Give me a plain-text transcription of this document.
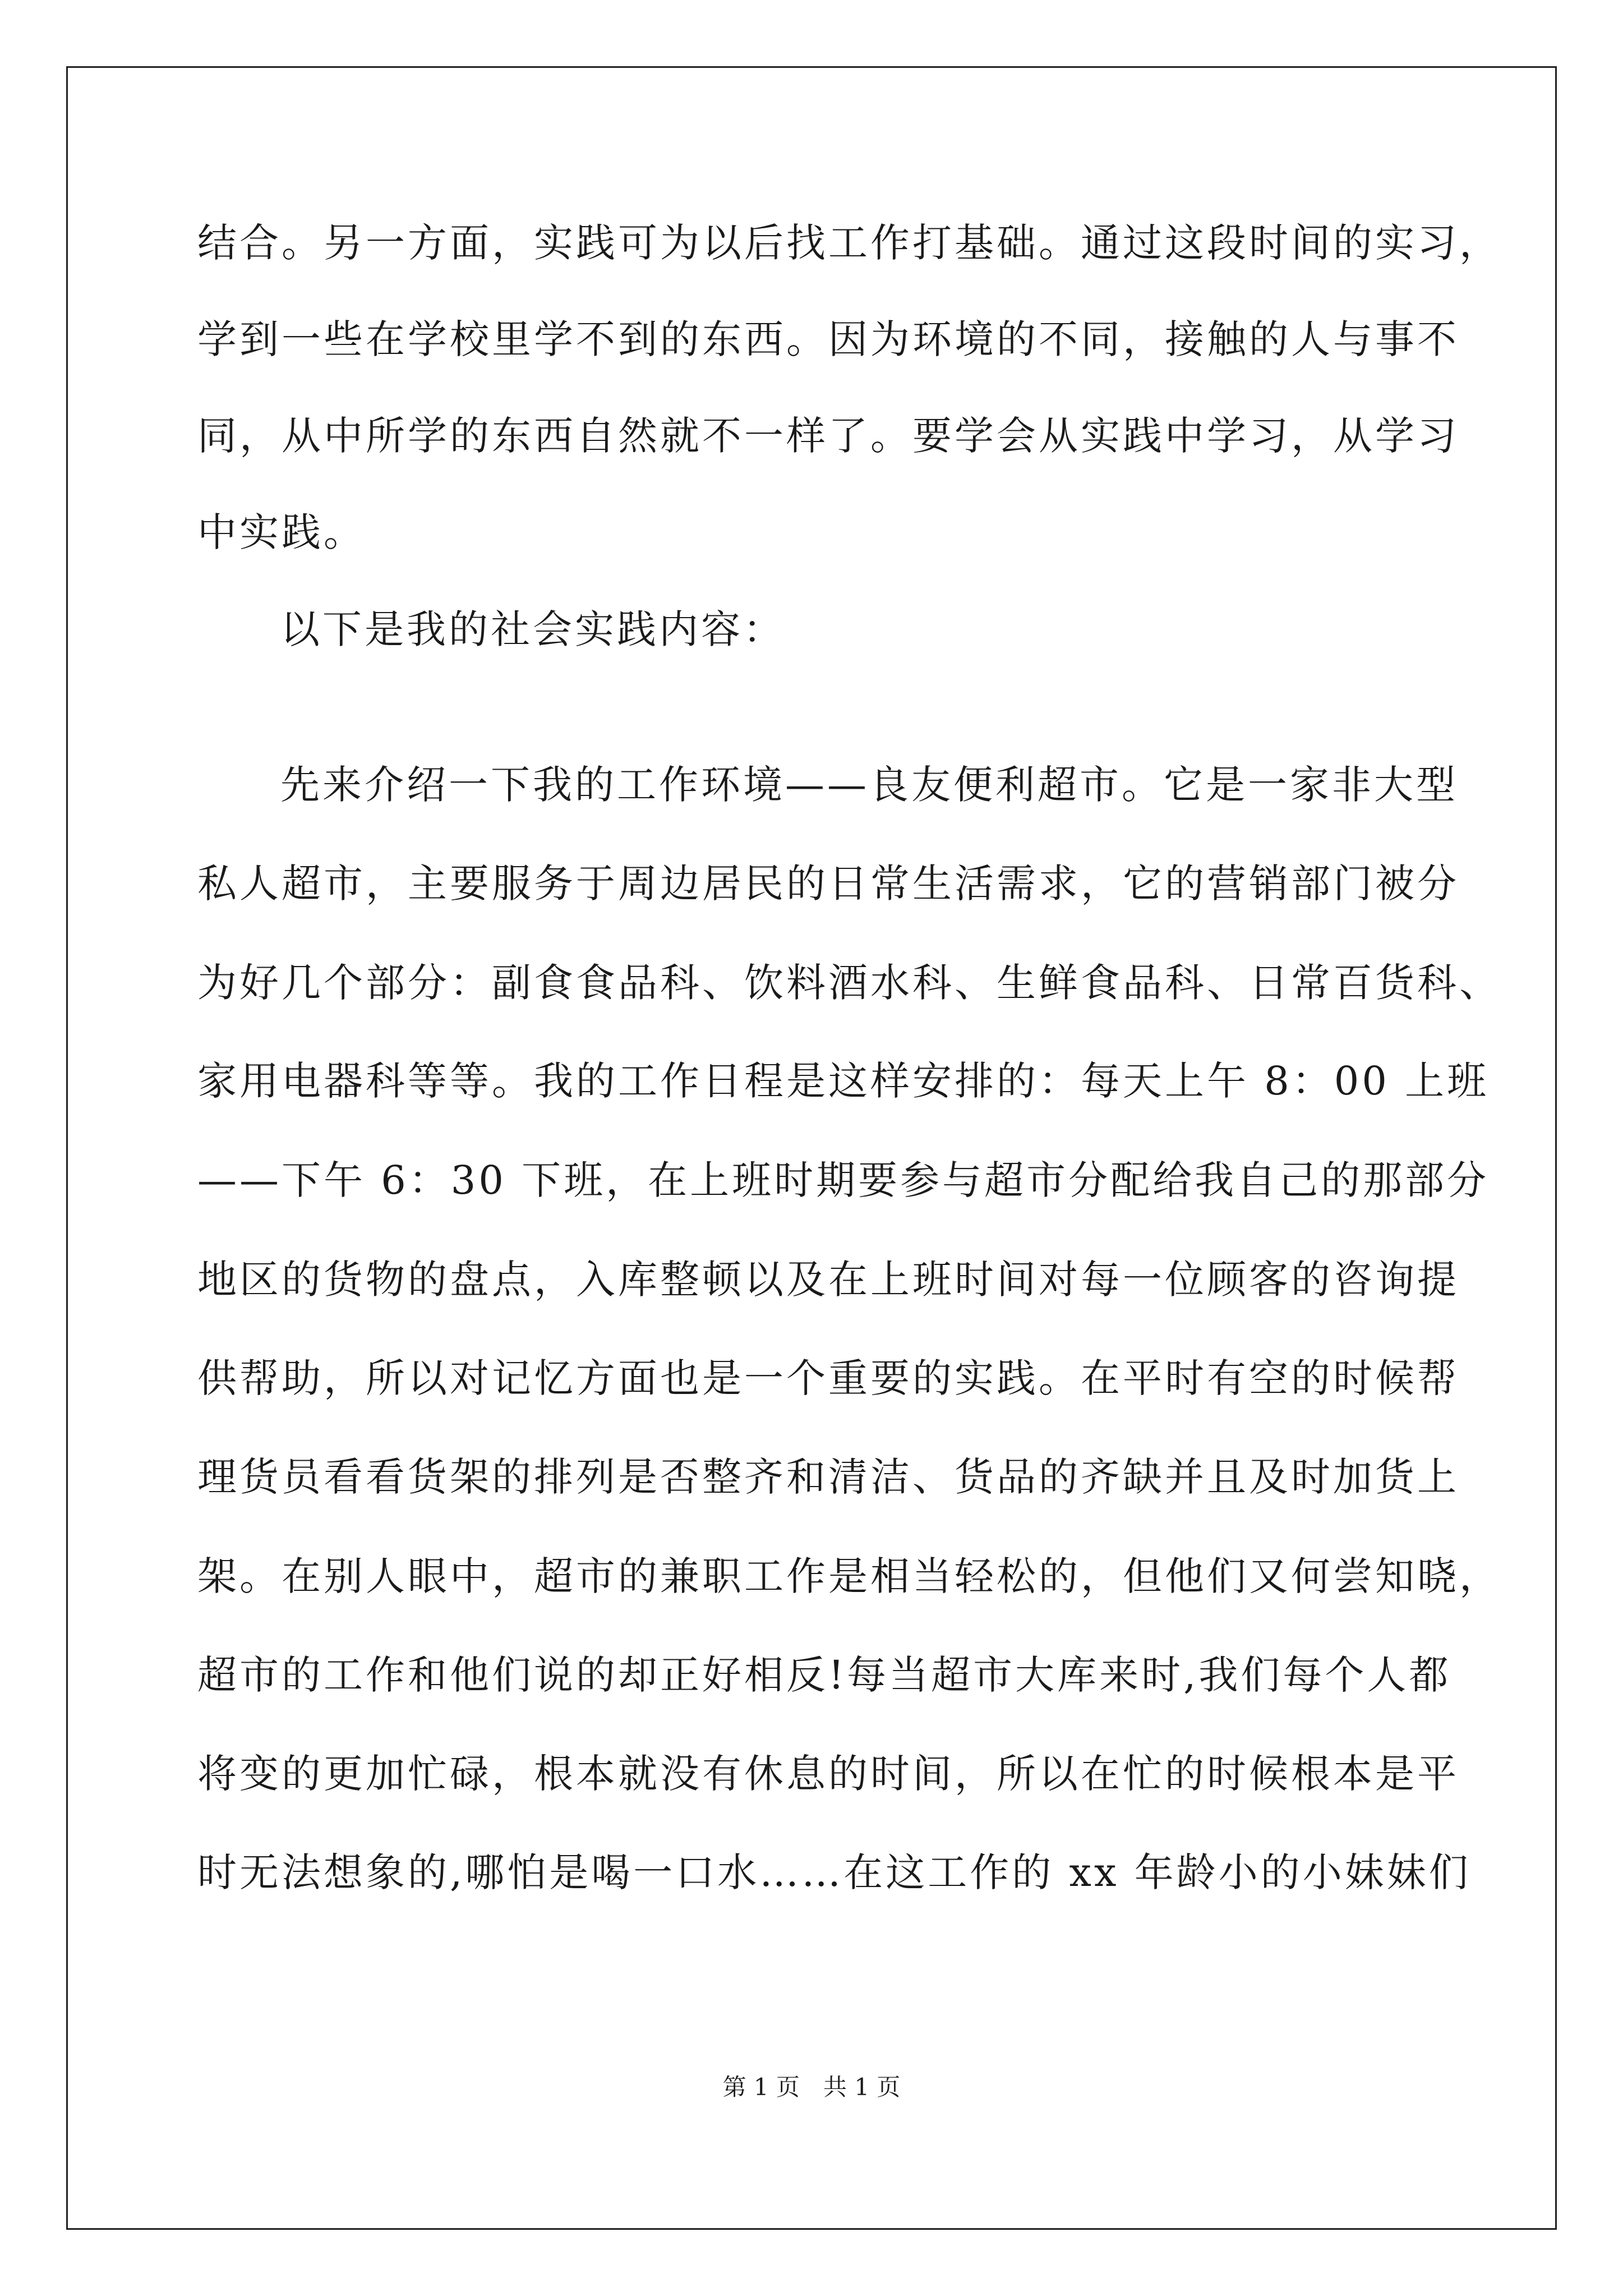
结合。另一方面，实践可为以后找工作打基础。通过这段时间的实习，
学到一些在学校里学不到的东西。因为环境的不同，接触的人与事不
同，从中所学的东西自然就不一样了。要学会从实践中学习，从学习
中实践。
以下是我的社会实践内容：
先来介绍一下我的工作环境——良友便利超市。它是一家非大型
私人超市，主要服务于周边居民的日常生活需求，它的营销部门被分
为好几个部分：副食食品科、饮料酒水科、生鲜食品科、日常百货科、
家用电器科等等。我的工作日程是这样安排的：每天上午 8：00 上班
——下午 6：30 下班，在上班时期要参与超市分配给我自己的那部分
地区的货物的盘点，入库整顿以及在上班时间对每一位顾客的咨询提
供帮助，所以对记忆方面也是一个重要的实践。在平时有空的时候帮
理货员看看货架的排列是否整齐和清洁、货品的齐缺并且及时加货上
架。在别人眼中，超市的兼职工作是相当轻松的，但他们又何尝知晓，
超市的工作和他们说的却正好相反!每当超市大库来时,我们每个人都
将变的更加忙碌，根本就没有休息的时间，所以在忙的时候根本是平
时无法想象的,哪怕是喝一口水……在这工作的 xx 年龄小的小妹妹们
第 1 页　共 1 页
